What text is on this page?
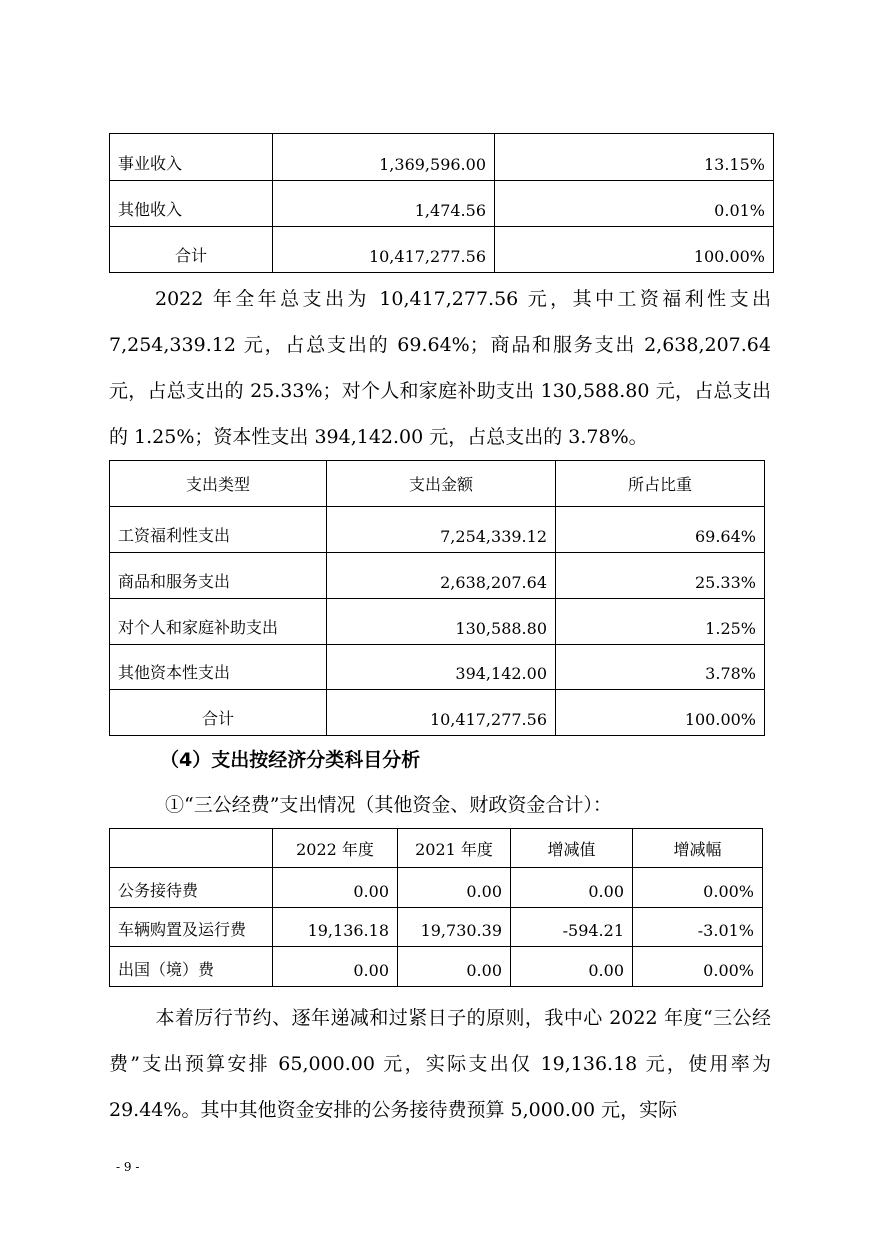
事业收入	1,369,596.00	13.15%
其他收入	1,474.56	0.01%
合计	10,417,277.56	100.00%

2022 年全年总支出为 10,417,277.56 元，其中工资福利性支出 7,254,339.12 元，占总支出的 69.64%；商品和服务支出 2,638,207.64 元，占总支出的 25.33%；对个人和家庭补助支出 130,588.80 元，占总支出的 1.25%；资本性支出 394,142.00 元，占总支出的 3.78%。

支出类型	支出金额	所占比重
工资福利性支出	7,254,339.12	69.64%
商品和服务支出	2,638,207.64	25.33%
对个人和家庭补助支出	130,588.80	1.25%
其他资本性支出	394,142.00	3.78%
合计	10,417,277.56	100.00%

（4）支出按经济分类科目分析

①“三公经费”支出情况（其他资金、财政资金合计）：

	2022 年度	2021 年度	增减值	增减幅
公务接待费	0.00	0.00	0.00	0.00%
车辆购置及运行费	19,136.18	19,730.39	-594.21	-3.01%
出国（境）费	0.00	0.00	0.00	0.00%

本着厉行节约、逐年递减和过紧日子的原则，我中心 2022 年度“三公经费”支出预算安排 65,000.00 元，实际支出仅 19,136.18 元，使用率为 29.44%。其中其他资金安排的公务接待费预算 5,000.00 元，实际

- 9 -
